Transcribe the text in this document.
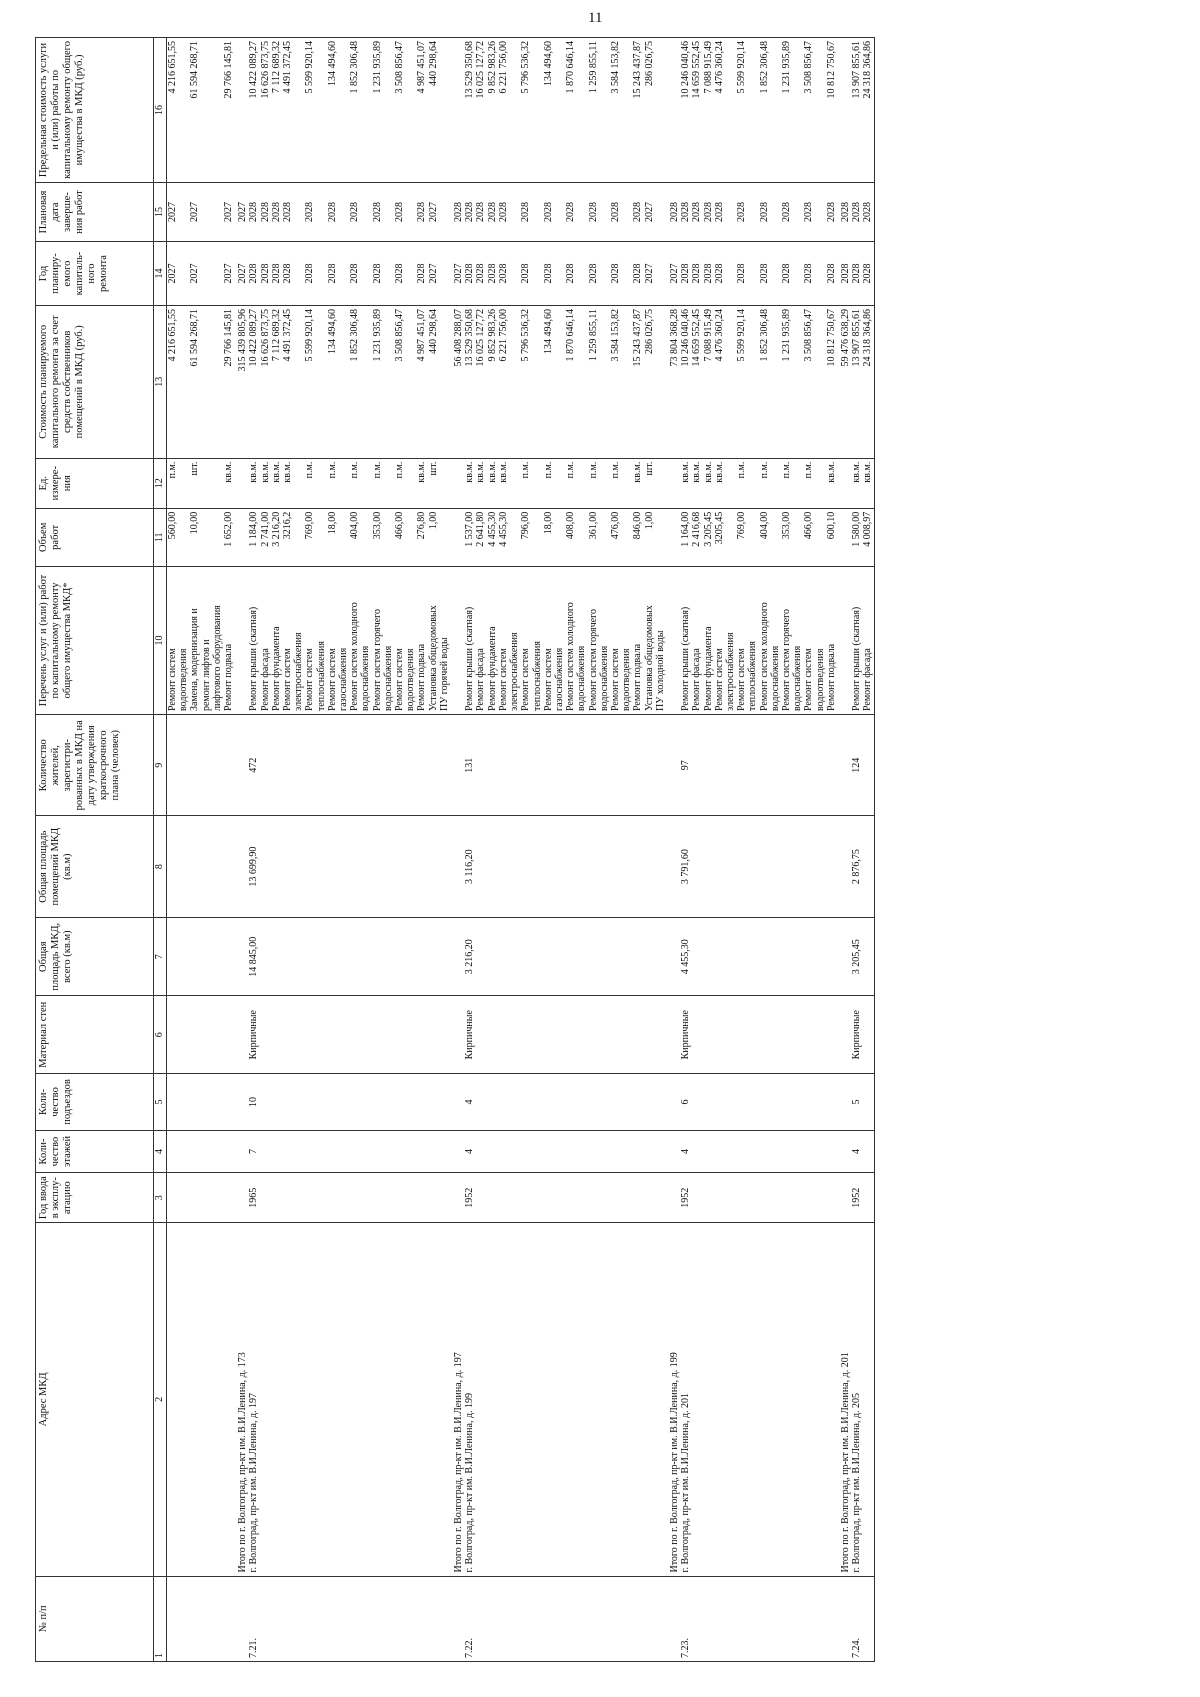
11
№ п/п	Адрес МКД	Год ввода в эксплу-атацию	Коли-чество этажей	Коли-чество подъездов	Материал стен	Общая площадь МКД, всего (кв.м)	Общая площадь помещений МКД (кв.м)	Количество жителей, зарегистри-рованных в МКД на дату утверждения краткосрочного плана (человек)	Перечень услуг и (или) работ по капитальному ремонту общего имущества МКД*	Объем работ	Ед. измере-ния	Стоимость планируемого капитального ремонта за счет средств собственников помещений в МКД (руб.)	Год планиру-емого капиталь-ного ремонта	Плановая дата заверше-ния работ	Предельная стоимость услуги и (или) работы по капитальному ремонту общего имущества в МКД (руб.)
1	2	3	4	5	6	7	8	9	10	11	12	13	14	15	16
									Ремонт систем	560,00	п.м.	4 216 651,55	2027	2027	4 216 651,55
									водоотведения						
									Замена, модернизация и	10,00	шт.	61 594 268,71	2027	2027	61 594 268,71
									ремонт лифтов и						
									лифтового оборудования						
									Ремонт подвала	1 652,00	кв.м.	29 766 145,81	2027	2027	29 766 145,81
	Итого по г. Волгоград, пр-кт им. В.И.Ленина, д. 173											315 439 805,96	2027	2027	
7.21.	г. Волгоград, пр-кт им. В.И.Ленина, д. 197	1965	7	10	Кирпичные	14 845,00	13 699,90	472	Ремонт крыши (скатная)	1 184,00	кв.м.	10 422 089,27	2028	2028	10 422 089,27
									Ремонт фасада	2 741,00	кв.м.	16 626 873,75	2028	2028	16 626 873,75
									Ремонт фундамента	3 216,20	кв.м.	7 112 689,32	2028	2028	7 112 689,32
									Ремонт систем	3216,2	кв.м.	4 491 372,45	2028	2028	4 491 372,45
									электроснабжения						
									Ремонт систем	769,00	п.м.	5 599 920,14	2028	2028	5 599 920,14
									теплоснабжения						
									Ремонт систем	18,00	п.м.	134 494,60	2028	2028	134 494,60
									газоснабжения						
									Ремонт систем холодного	404,00	п.м.	1 852 306,48	2028	2028	1 852 306,48
									водоснабжения						
									Ремонт систем горячего	353,00	п.м.	1 231 935,89	2028	2028	1 231 935,89
									водоснабжения						
									Ремонт систем	466,00	п.м.	3 508 856,47	2028	2028	3 508 856,47
									водоотведения						
									Ремонт подвала	276,80	кв.м.	4 987 451,07	2028	2028	4 987 451,07
									Установка общедомовых	1,00	шт.	440 298,64	2027	2027	440 298,64
									ПУ горячей воды						
	Итого по г. Волгоград, пр-кт им. В.И.Ленина, д. 197											56 408 288,07	2027	2028	
7.22.	г. Волгоград, пр-кт им. В.И.Ленина, д. 199	1952	4	4	Кирпичные	3 216,20	3 116,20	131	Ремонт крыши (скатная)	1 537,00	кв.м.	13 529 350,68	2028	2028	13 529 350,68
									Ремонт фасада	2 641,80	кв.м.	16 025 127,72	2028	2028	16 025 127,72
									Ремонт фундамента	4 455,30	кв.м.	9 852 983,26	2028	2028	9 852 983,26
									Ремонт систем	4 455,30	кв.м.	6 221 756,00	2028	2028	6 221 756,00
									электроснабжения						
									Ремонт систем	796,00	п.м.	5 796 536,32	2028	2028	5 796 536,32
									теплоснабжения						
									Ремонт систем	18,00	п.м.	134 494,60	2028	2028	134 494,60
									газоснабжения						
									Ремонт систем холодного	408,00	п.м.	1 870 646,14	2028	2028	1 870 646,14
									водоснабжения						
									Ремонт систем горячего	361,00	п.м.	1 259 855,11	2028	2028	1 259 855,11
									водоснабжения						
									Ремонт систем	476,00	п.м.	3 584 153,82	2028	2028	3 584 153,82
									водоотведения						
									Ремонт подвала	846,00	кв.м.	15 243 437,87	2028	2028	15 243 437,87
									Установка общедомовых	1,00	шт.	286 026,75	2027	2027	286 026,75
									ПУ холодной воды						
	Итого по г. Волгоград, пр-кт им. В.И.Ленина, д. 199											73 804 368,28	2027	2028	
7.23.	г. Волгоград, пр-кт им. В.И.Ленина, д. 201	1952	4	6	Кирпичные	4 455,30	3 791,60	97	Ремонт крыши (скатная)	1 164,00	кв.м.	10 246 040,46	2028	2028	10 246 040,46
									Ремонт фасада	2 416,68	кв.м.	14 659 552,45	2028	2028	14 659 552,45
									Ремонт фундамента	3 205,45	кв.м.	7 088 915,49	2028	2028	7 088 915,49
									Ремонт систем	3205,45	кв.м.	4 476 360,24	2028	2028	4 476 360,24
									электроснабжения						
									Ремонт систем	769,00	п.м.	5 599 920,14	2028	2028	5 599 920,14
									теплоснабжения						
									Ремонт систем холодного	404,00	п.м.	1 852 306,48	2028	2028	1 852 306,48
									водоснабжения						
									Ремонт систем горячего	353,00	п.м.	1 231 935,89	2028	2028	1 231 935,89
									водоснабжения						
									Ремонт систем	466,00	п.м.	3 508 856,47	2028	2028	3 508 856,47
									водоотведения						
									Ремонт подвала	600,10	кв.м.	10 812 750,67	2028	2028	10 812 750,67
	Итого по г. Волгоград, пр-кт им. В.И.Ленина, д. 201											59 476 638,29	2028	2028	
7.24.	г. Волгоград, пр-кт им. В.И.Ленина, д. 205	1952	4	5	Кирпичные	3 205,45	2 876,75	124	Ремонт крыши (скатная)	1 580,00	кв.м.	13 907 855,61	2028	2028	13 907 855,61
									Ремонт фасада	4 008,97	кв.м.	24 318 364,86	2028	2028	24 318 364,86
